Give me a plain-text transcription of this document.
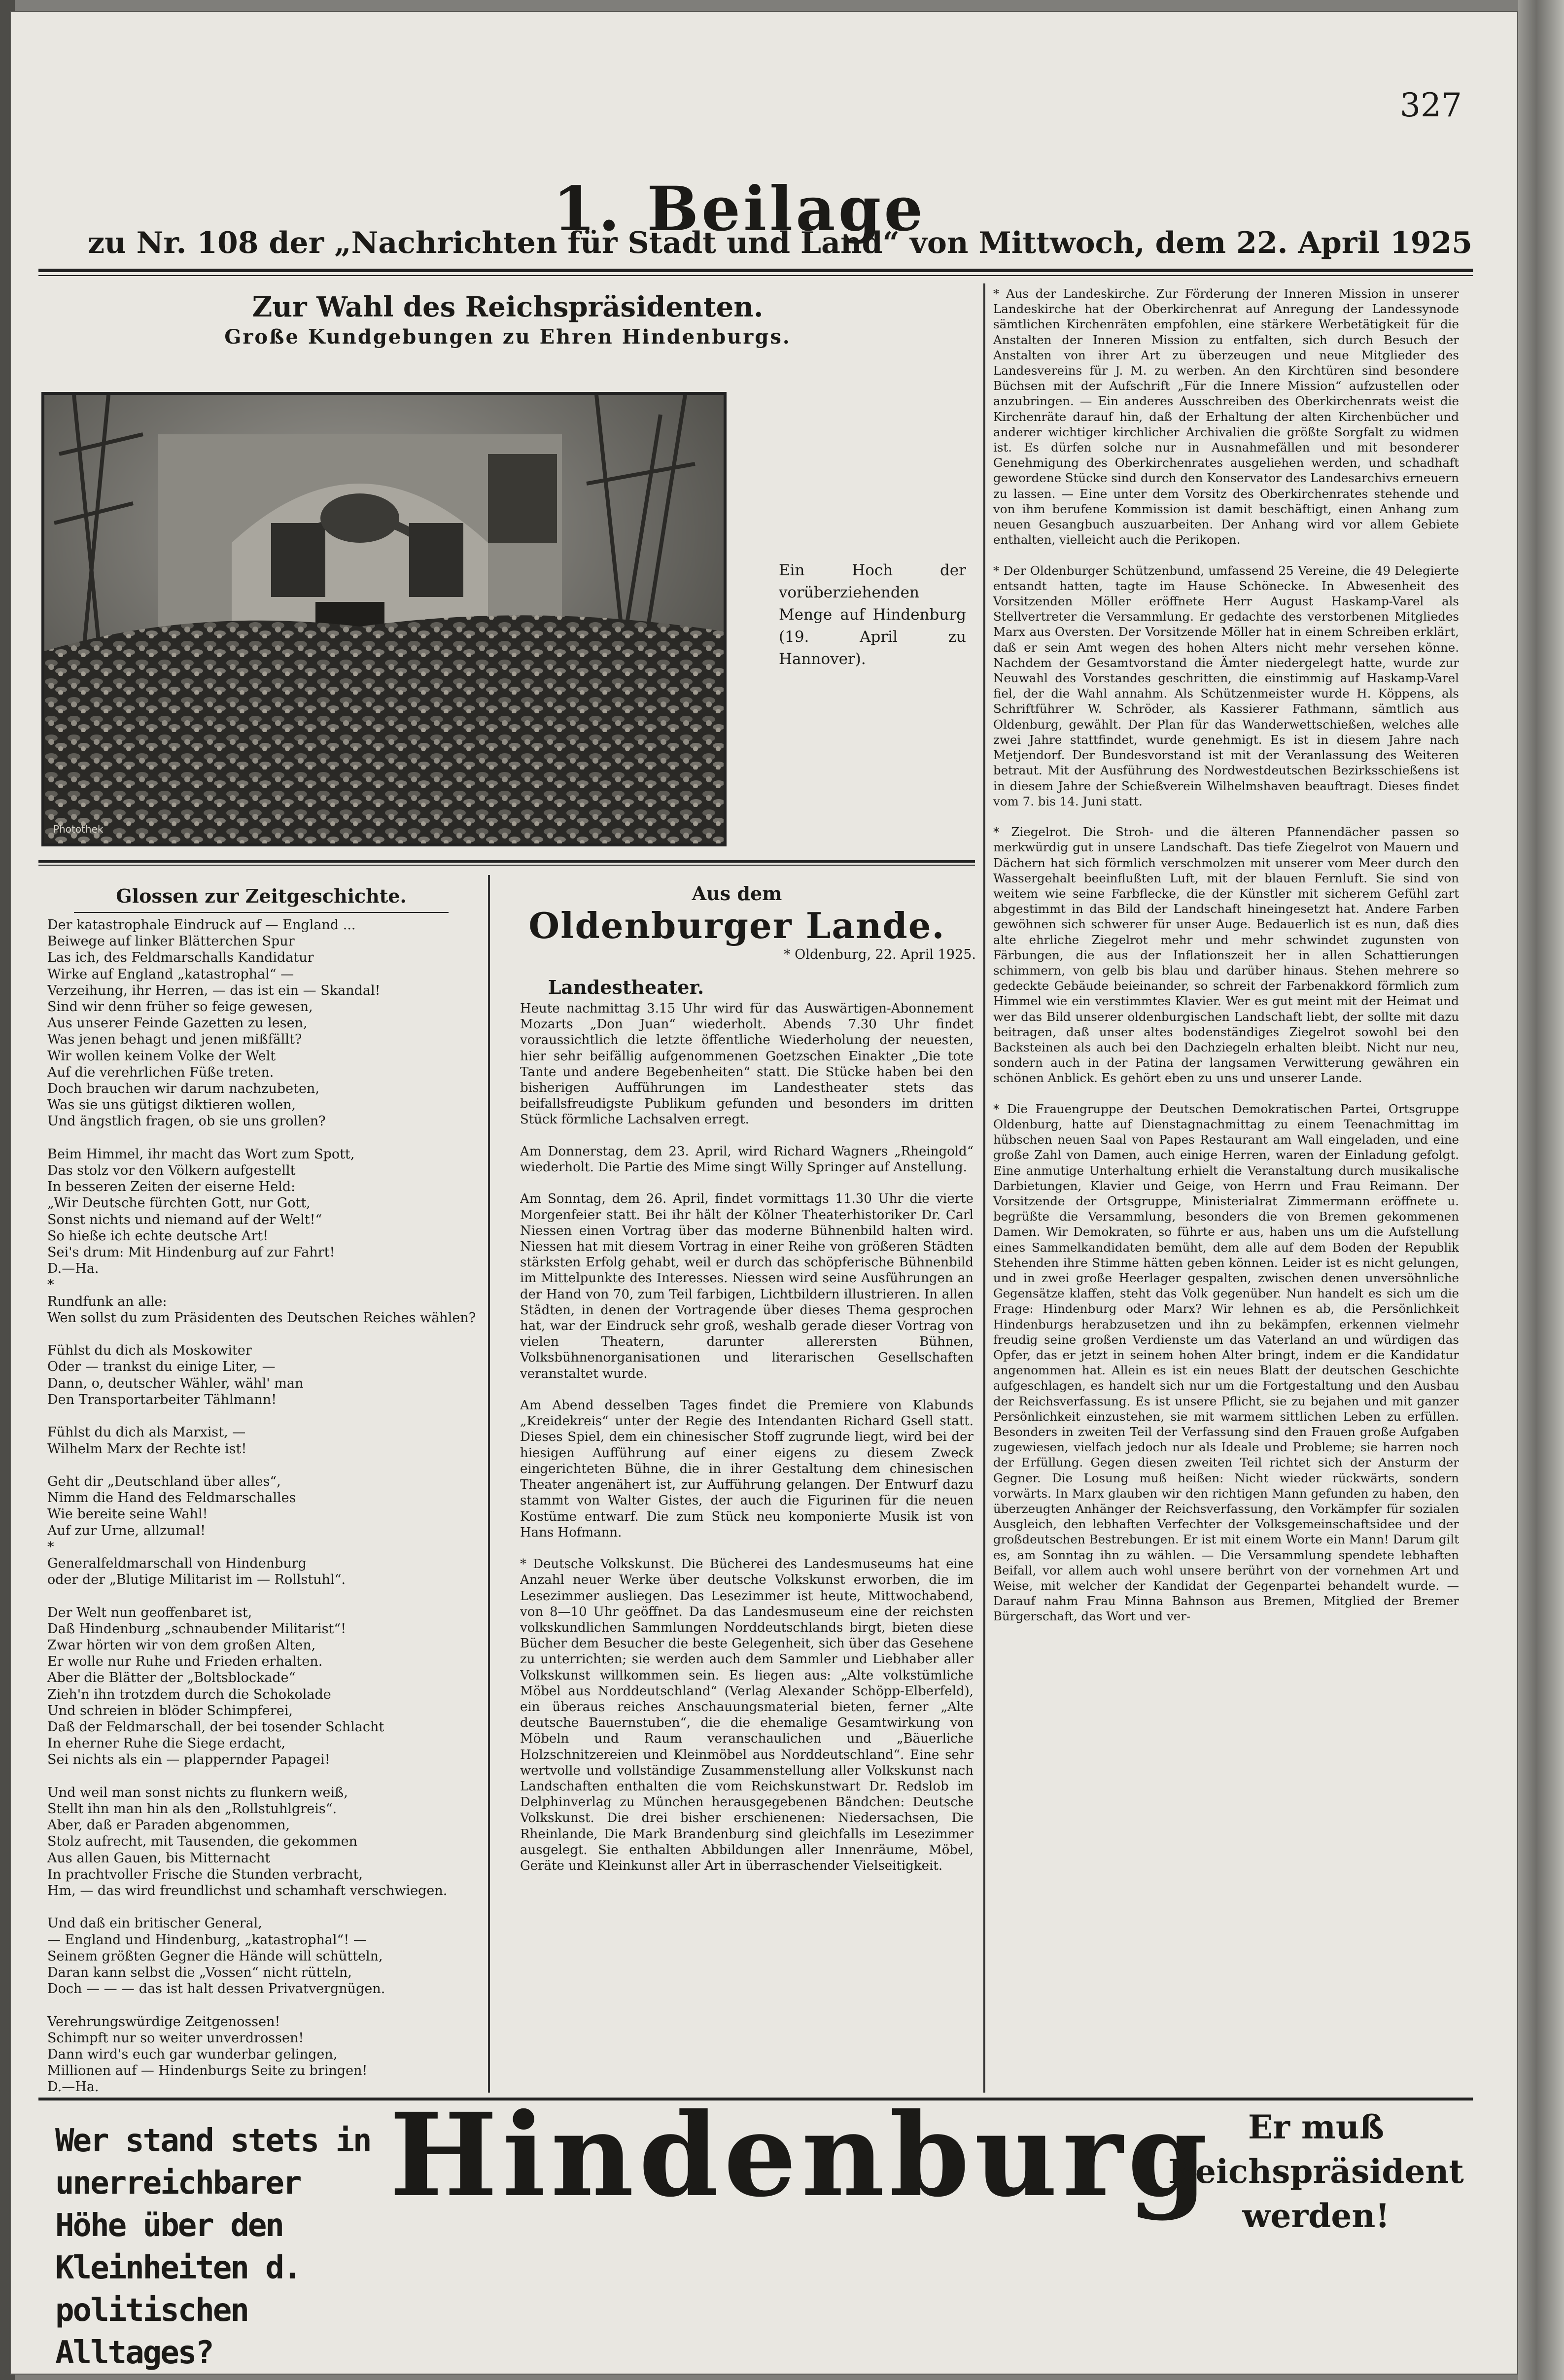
327
1. Beilage
zu Nr. 108 der „Nachrichten für Stadt und Land“ von Mittwoch, dem 22. April 1925
Zur Wahl des Reichspräsidenten.
Große Kundgebungen zu Ehren Hindenburgs.
Photothek
Ein Hoch der vorüberziehenden Menge auf Hindenburg (19. April zu Hannover).
Glossen zur Zeitgeschichte.
Der katastrophale Eindruck auf — England ...
Beiwege auf linker Blätterchen Spur
Las ich, des Feldmarschalls Kandidatur
Wirke auf England „katastrophal“ —
Verzeihung, ihr Herren, — das ist ein — Skandal!
Sind wir denn früher so feige gewesen,
Aus unserer Feinde Gazetten zu lesen,
Was jenen behagt und jenen mißfällt?
Wir wollen keinem Volke der Welt
Auf die verehrlichen Füße treten.
Doch brauchen wir darum nachzubeten,
Was sie uns gütigst diktieren wollen,
Und ängstlich fragen, ob sie uns grollen?

Beim Himmel, ihr macht das Wort zum Spott,
Das stolz vor den Völkern aufgestellt
In besseren Zeiten der eiserne Held:
„Wir Deutsche fürchten Gott, nur Gott,
Sonst nichts und niemand auf der Welt!“
So hieße ich echte deutsche Art!
Sei's drum: Mit Hindenburg auf zur Fahrt!
D.—Ha.
*
Rundfunk an alle:
Wen sollst du zum Präsidenten des Deutschen Reiches wählen?

Fühlst du dich als Moskowiter
Oder — trankst du einige Liter, —
Dann, o, deutscher Wähler, wähl' man
Den Transportarbeiter Tählmann!

Fühlst du dich als Marxist, —
Wilhelm Marx der Rechte ist!

Geht dir „Deutschland über alles“,
Nimm die Hand des Feldmarschalles
Wie bereite seine Wahl!
Auf zur Urne, allzumal!
*
Generalfeldmarschall von Hindenburg
oder der „Blutige Militarist im — Rollstuhl“.

Der Welt nun geoffenbaret ist,
Daß Hindenburg „schnaubender Militarist“!
Zwar hörten wir von dem großen Alten,
Er wolle nur Ruhe und Frieden erhalten.
Aber die Blätter der „Boltsblockade“
Zieh'n ihn trotzdem durch die Schokolade
Und schreien in blöder Schimpferei,
Daß der Feldmarschall, der bei tosender Schlacht
In eherner Ruhe die Siege erdacht,
Sei nichts als ein — plappernder Papagei!

Und weil man sonst nichts zu flunkern weiß,
Stellt ihn man hin als den „Rollstuhlgreis“.
Aber, daß er Paraden abgenommen,
Stolz aufrecht, mit Tausenden, die gekommen
Aus allen Gauen, bis Mitternacht
In prachtvoller Frische die Stunden verbracht,
Hm, — das wird freundlichst und schamhaft verschwiegen.

Und daß ein britischer General,
— England und Hindenburg, „katastrophal“! —
Seinem größten Gegner die Hände will schütteln,
Daran kann selbst die „Vossen“ nicht rütteln,
Doch — — — das ist halt dessen Privatvergnügen.

Verehrungswürdige Zeitgenossen!
Schimpft nur so weiter unverdrossen!
Dann wird's euch gar wunderbar gelingen,
Millionen auf — Hindenburgs Seite zu bringen!
D.—Ha.
Aus dem
Oldenburger Lande.
* Oldenburg, 22. April 1925.
Landestheater.
Heute nachmittag 3.15 Uhr wird für das Auswärtigen-Abonnement Mozarts „Don Juan“ wiederholt. Abends 7.30 Uhr findet voraussichtlich die letzte öffentliche Wiederholung der neuesten, hier sehr beifällig aufgenommenen Goetzschen Einakter „Die tote Tante und andere Begebenheiten“ statt. Die Stücke haben bei den bisherigen Aufführungen im Landestheater stets das beifallsfreudigste Publikum gefunden und besonders im dritten Stück förmliche Lachsalven erregt.

Am Donnerstag, dem 23. April, wird Richard Wagners „Rheingold“ wiederholt. Die Partie des Mime singt Willy Springer auf Anstellung.

Am Sonntag, dem 26. April, findet vormittags 11.30 Uhr die vierte Morgenfeier statt. Bei ihr hält der Kölner Theaterhistoriker Dr. Carl Niessen einen Vortrag über das moderne Bühnenbild halten wird. Niessen hat mit diesem Vortrag in einer Reihe von größeren Städten stärksten Erfolg gehabt, weil er durch das schöpferische Bühnenbild im Mittelpunkte des Interesses. Niessen wird seine Ausführungen an der Hand von 70, zum Teil farbigen, Lichtbildern illustrieren. In allen Städten, in denen der Vortragende über dieses Thema gesprochen hat, war der Eindruck sehr groß, weshalb gerade dieser Vortrag von vielen Theatern, darunter allerersten Bühnen, Volksbühnenorganisationen und literarischen Gesellschaften veranstaltet wurde.

Am Abend desselben Tages findet die Premiere von Klabunds „Kreidekreis“ unter der Regie des Intendanten Richard Gsell statt. Dieses Spiel, dem ein chinesischer Stoff zugrunde liegt, wird bei der hiesigen Aufführung auf einer eigens zu diesem Zweck eingerichteten Bühne, die in ihrer Gestaltung dem chinesischen Theater angenähert ist, zur Aufführung gelangen. Der Entwurf dazu stammt von Walter Gistes, der auch die Figurinen für die neuen Kostüme entwarf. Die zum Stück neu komponierte Musik ist von Hans Hofmann.

* Deutsche Volkskunst. Die Bücherei des Landesmuseums hat eine Anzahl neuer Werke über deutsche Volkskunst erworben, die im Lesezimmer ausliegen. Das Lesezimmer ist heute, Mittwochabend, von 8—10 Uhr geöffnet. Da das Landesmuseum eine der reichsten volkskundlichen Sammlungen Norddeutschlands birgt, bieten diese Bücher dem Besucher die beste Gelegenheit, sich über das Gesehene zu unterrichten; sie werden auch dem Sammler und Liebhaber aller Volkskunst willkommen sein. Es liegen aus: „Alte volkstümliche Möbel aus Norddeutschland“ (Verlag Alexander Schöpp-Elberfeld), ein überaus reiches Anschauungsmaterial bieten, ferner „Alte deutsche Bauernstuben“, die die ehemalige Gesamtwirkung von Möbeln und Raum veranschaulichen und „Bäuerliche Holzschnitzereien und Kleinmöbel aus Norddeutschland“. Eine sehr wertvolle und vollständige Zusammenstellung aller Volkskunst nach Landschaften enthalten die vom Reichskunstwart Dr. Redslob im Delphinverlag zu München herausgegebenen Bändchen: Deutsche Volkskunst. Die drei bisher erschienenen: Niedersachsen, Die Rheinlande, Die Mark Brandenburg sind gleichfalls im Lesezimmer ausgelegt. Sie enthalten Abbildungen aller Innenräume, Möbel, Geräte und Kleinkunst aller Art in überraschender Vielseitigkeit.
* Aus der Landeskirche. Zur Förderung der Inneren Mission in unserer Landeskirche hat der Oberkirchenrat auf Anregung der Landessynode sämtlichen Kirchenräten empfohlen, eine stärkere Werbetätigkeit für die Anstalten der Inneren Mission zu entfalten, sich durch Besuch der Anstalten von ihrer Art zu überzeugen und neue Mitglieder des Landesvereins für J. M. zu werben. An den Kirchtüren sind besondere Büchsen mit der Aufschrift „Für die Innere Mission“ aufzustellen oder anzubringen. — Ein anderes Ausschreiben des Oberkirchenrats weist die Kirchenräte darauf hin, daß der Erhaltung der alten Kirchenbücher und anderer wichtiger kirchlicher Archivalien die größte Sorgfalt zu widmen ist. Es dürfen solche nur in Ausnahmefällen und mit besonderer Genehmigung des Oberkirchenrates ausgeliehen werden, und schadhaft gewordene Stücke sind durch den Konservator des Landesarchivs erneuern zu lassen. — Eine unter dem Vorsitz des Oberkirchenrates stehende und von ihm berufene Kommission ist damit beschäftigt, einen Anhang zum neuen Gesangbuch auszuarbeiten. Der Anhang wird vor allem Gebiete enthalten, vielleicht auch die Perikopen.

* Der Oldenburger Schützenbund, umfassend 25 Vereine, die 49 Delegierte entsandt hatten, tagte im Hause Schönecke. In Abwesenheit des Vorsitzenden Möller eröffnete Herr August Haskamp-Varel als Stellvertreter die Versammlung. Er gedachte des verstorbenen Mitgliedes Marx aus Oversten. Der Vorsitzende Möller hat in einem Schreiben erklärt, daß er sein Amt wegen des hohen Alters nicht mehr versehen könne. Nachdem der Gesamtvorstand die Ämter niedergelegt hatte, wurde zur Neuwahl des Vorstandes geschritten, die einstimmig auf Haskamp-Varel fiel, der die Wahl annahm. Als Schützenmeister wurde H. Köppens, als Schriftführer W. Schröder, als Kassierer Fathmann, sämtlich aus Oldenburg, gewählt. Der Plan für das Wanderwettschießen, welches alle zwei Jahre stattfindet, wurde genehmigt. Es ist in diesem Jahre nach Metjendorf. Der Bundesvorstand ist mit der Veranlassung des Weiteren betraut. Mit der Ausführung des Nordwestdeutschen Bezirksschießens ist in diesem Jahre der Schießverein Wilhelmshaven beauftragt. Dieses findet vom 7. bis 14. Juni statt.

* Ziegelrot. Die Stroh- und die älteren Pfannendächer passen so merkwürdig gut in unsere Landschaft. Das tiefe Ziegelrot von Mauern und Dächern hat sich förmlich verschmolzen mit unserer vom Meer durch den Wassergehalt beeinflußten Luft, mit der blauen Fernluft. Sie sind von weitem wie seine Farbflecke, die der Künstler mit sicherem Gefühl zart abgestimmt in das Bild der Landschaft hineingesetzt hat. Andere Farben gewöhnen sich schwerer für unser Auge. Bedauerlich ist es nun, daß dies alte ehrliche Ziegelrot mehr und mehr schwindet zugunsten von Färbungen, die aus der Inflationszeit her in allen Schattierungen schimmern, von gelb bis blau und darüber hinaus. Stehen mehrere so gedeckte Gebäude beieinander, so schreit der Farbenakkord förmlich zum Himmel wie ein verstimmtes Klavier. Wer es gut meint mit der Heimat und wer das Bild unserer oldenburgischen Landschaft liebt, der sollte mit dazu beitragen, daß unser altes bodenständiges Ziegelrot sowohl bei den Backsteinen als auch bei den Dachziegeln erhalten bleibt. Nicht nur neu, sondern auch in der Patina der langsamen Verwitterung gewähren ein schönen Anblick. Es gehört eben zu uns und unserer Lande.

* Die Frauengruppe der Deutschen Demokratischen Partei, Ortsgruppe Oldenburg, hatte auf Dienstagnachmittag zu einem Teenachmittag im hübschen neuen Saal von Papes Restaurant am Wall eingeladen, und eine große Zahl von Damen, auch einige Herren, waren der Einladung gefolgt. Eine anmutige Unterhaltung erhielt die Veranstaltung durch musikalische Darbietungen, Klavier und Geige, von Herrn und Frau Reimann. Der Vorsitzende der Ortsgruppe, Ministerialrat Zimmermann eröffnete u. begrüßte die Versammlung, besonders die von Bremen gekommenen Damen. Wir Demokraten, so führte er aus, haben uns um die Aufstellung eines Sammelkandidaten bemüht, dem alle auf dem Boden der Republik Stehenden ihre Stimme hätten geben können. Leider ist es nicht gelungen, und in zwei große Heerlager gespalten, zwischen denen unversöhnliche Gegensätze klaffen, steht das Volk gegenüber. Nun handelt es sich um die Frage: Hindenburg oder Marx? Wir lehnen es ab, die Persönlichkeit Hindenburgs herabzusetzen und ihn zu bekämpfen, erkennen vielmehr freudig seine großen Verdienste um das Vaterland an und würdigen das Opfer, das er jetzt in seinem hohen Alter bringt, indem er die Kandidatur angenommen hat. Allein es ist ein neues Blatt der deutschen Geschichte aufgeschlagen, es handelt sich nur um die Fortgestaltung und den Ausbau der Reichsverfassung. Es ist unsere Pflicht, sie zu bejahen und mit ganzer Persönlichkeit einzustehen, sie mit warmem sittlichen Leben zu erfüllen. Besonders in zweiten Teil der Verfassung sind den Frauen große Aufgaben zugewiesen, vielfach jedoch nur als Ideale und Probleme; sie harren noch der Erfüllung. Gegen diesen zweiten Teil richtet sich der Ansturm der Gegner. Die Losung muß heißen: Nicht wieder rückwärts, sondern vorwärts. In Marx glauben wir den richtigen Mann gefunden zu haben, den überzeugten Anhänger der Reichsverfassung, den Vorkämpfer für sozialen Ausgleich, den lebhaften Verfechter der Volksgemeinschaftsidee und der großdeutschen Bestrebungen. Er ist mit einem Worte ein Mann! Darum gilt es, am Sonntag ihn zu wählen. — Die Versammlung spendete lebhaften Beifall, vor allem auch wohl unsere berührt von der vornehmen Art und Weise, mit welcher der Kandidat der Gegenpartei behandelt wurde. — Darauf nahm Frau Minna Bahnson aus Bremen, Mitglied der Bremer Bürgerschaft, das Wort und ver-
Wer stand stets in unerreichbarer Höhe über den Kleinheiten d. politischen Alltages?
Hindenburg	Er muß Reichspräsident werden!
